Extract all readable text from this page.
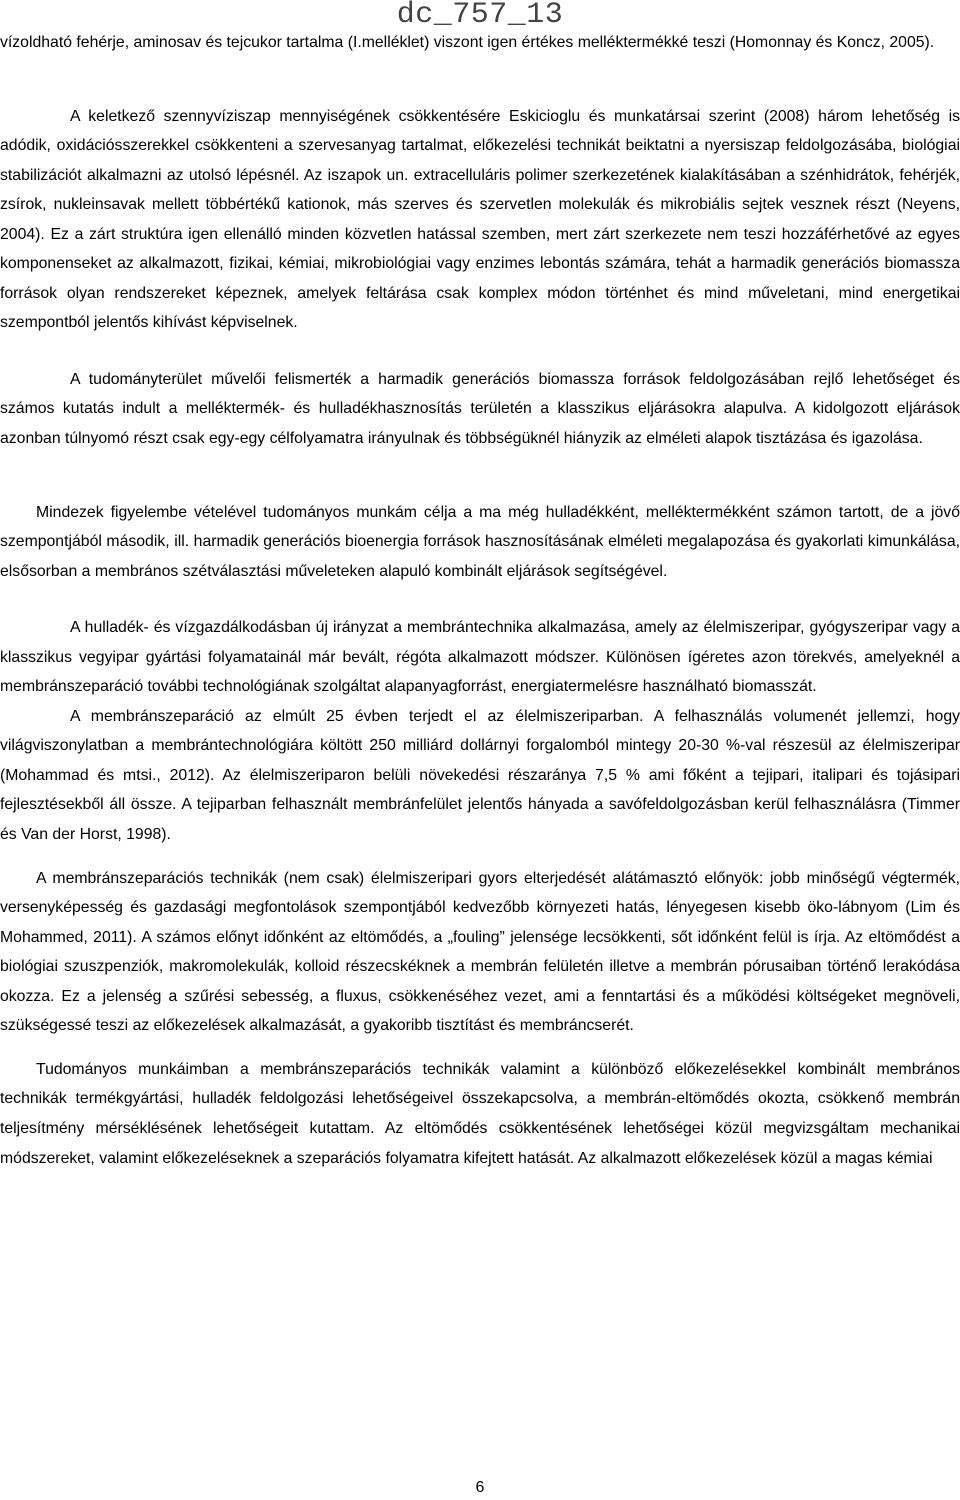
dc_757_13

vízoldható fehérje, aminosav és tejcukor tartalma (I.melléklet) viszont igen értékes melléktermékké teszi (Homonnay és Koncz, 2005).

A keletkező szennyvíziszap mennyiségének csökkentésére Eskicioglu és munkatársai szerint (2008) három lehetőség is adódik, oxidációsszerekkel csökkenteni a szervesanyag tartalmat, előkezelési technikát beiktatni a nyersiszap feldolgozásába, biológiai stabilizációt alkalmazni az utolsó lépésnél. Az iszapok un. extracelluláris polimer szerkezetének kialakításában a szénhidrátok, fehérjék, zsírok, nukleinsavak mellett többértékű kationok, más szerves és szervetlen molekulák és mikrobiális sejtek vesznek részt (Neyens, 2004). Ez a zárt struktúra igen ellenálló minden közvetlen hatással szemben, mert zárt szerkezete nem teszi hozzáférhetővé az egyes komponenseket az alkalmazott, fizikai, kémiai, mikrobiológiai vagy enzimes lebontás számára, tehát a harmadik generációs biomassza források olyan rendszereket képeznek, amelyek feltárása csak komplex módon történhet és mind műveletani, mind energetikai szempontból jelentős kihívást képviselnek.

A tudományterület művelői felismerték a harmadik generációs biomassza források feldolgozásában rejlő lehetőséget és számos kutatás indult a melléktermék- és hulladékhasznosítás területén a klasszikus eljárásokra alapulva. A kidolgozott eljárások azonban túlnyomó részt csak egy-egy célfolyamatra irányulnak és többségüknél hiányzik az elméleti alapok tisztázása és igazolása.

Mindezek figyelembe vételével tudományos munkám célja a ma még hulladékként, melléktermékként számon tartott, de a jövő szempontjából második, ill. harmadik generációs bioenergia források hasznosításának elméleti megalapozása és gyakorlati kimunkálása, elsősorban a membrános szétválasztási műveleteken alapuló kombinált eljárások segítségével.

A hulladék- és vízgazdálkodásban új irányzat a membrántechnika alkalmazása, amely az élelmiszeripar, gyógyszeripar vagy a klasszikus vegyipar gyártási folyamatainál már bevált, régóta alkalmazott módszer. Különösen ígéretes azon törekvés, amelyeknél a membránszeparáció további technológiának szolgáltat alapanyagforrást, energiatermelésre használható biomasszát.

A membránszeparáció az elmúlt 25 évben terjedt el az élelmiszeriparban. A felhasználás volumenét jellemzi, hogy világviszonylatban a membrántechnológiára költött 250 milliárd dollárnyi forgalomból mintegy 20-30 %-val részesül az élelmiszeripar (Mohammad és mtsi., 2012). Az élelmiszeriparon belüli növekedési részaránya 7,5 % ami főként a tejipari, italipari és tojásipari fejlesztésekből áll össze. A tejiparban felhasznált membránfelület jelentős hányada a savófeldolgozásban kerül felhasználásra (Timmer és Van der Horst, 1998).

A membránszeparációs technikák (nem csak) élelmiszeripari gyors elterjedését alátámasztó előnyök: jobb minőségű végtermék, versenyképesség és gazdasági megfontolások szempontjából kedvezőbb környezeti hatás, lényegesen kisebb öko-lábnyom (Lim és Mohammed, 2011). A számos előnyt időnként az eltömődés, a „fouling” jelensége lecsökkenti, sőt időnként felül is írja. Az eltömődést a biológiai szuszpenziók, makromolekulák, kolloid részecskéknek a membrán felületén illetve a membrán pórusaiban történő lerakódása okozza. Ez a jelenség a szűrési sebesség, a fluxus, csökkenéséhez vezet, ami a fenntartási és a működési költségeket megnöveli, szükségessé teszi az előkezelések alkalmazását, a gyakoribb tisztítást és membráncserét.

Tudományos munkáimban a membránszeparációs technikák valamint a különböző előkezelésekkel kombinált membrános technikák termékgyártási, hulladék feldolgozási lehetőségeivel összekapcsolva, a membrán-eltömődés okozta, csökkenő membrán teljesítmény mérséklésének lehetőségeit kutattam. Az eltömődés csökkentésének lehetőségei közül megvizsgáltam mechanikai módszereket, valamint előkezeléseknek a szeparációs folyamatra kifejtett hatását. Az alkalmazott előkezelések közül a magas kémiai

6
